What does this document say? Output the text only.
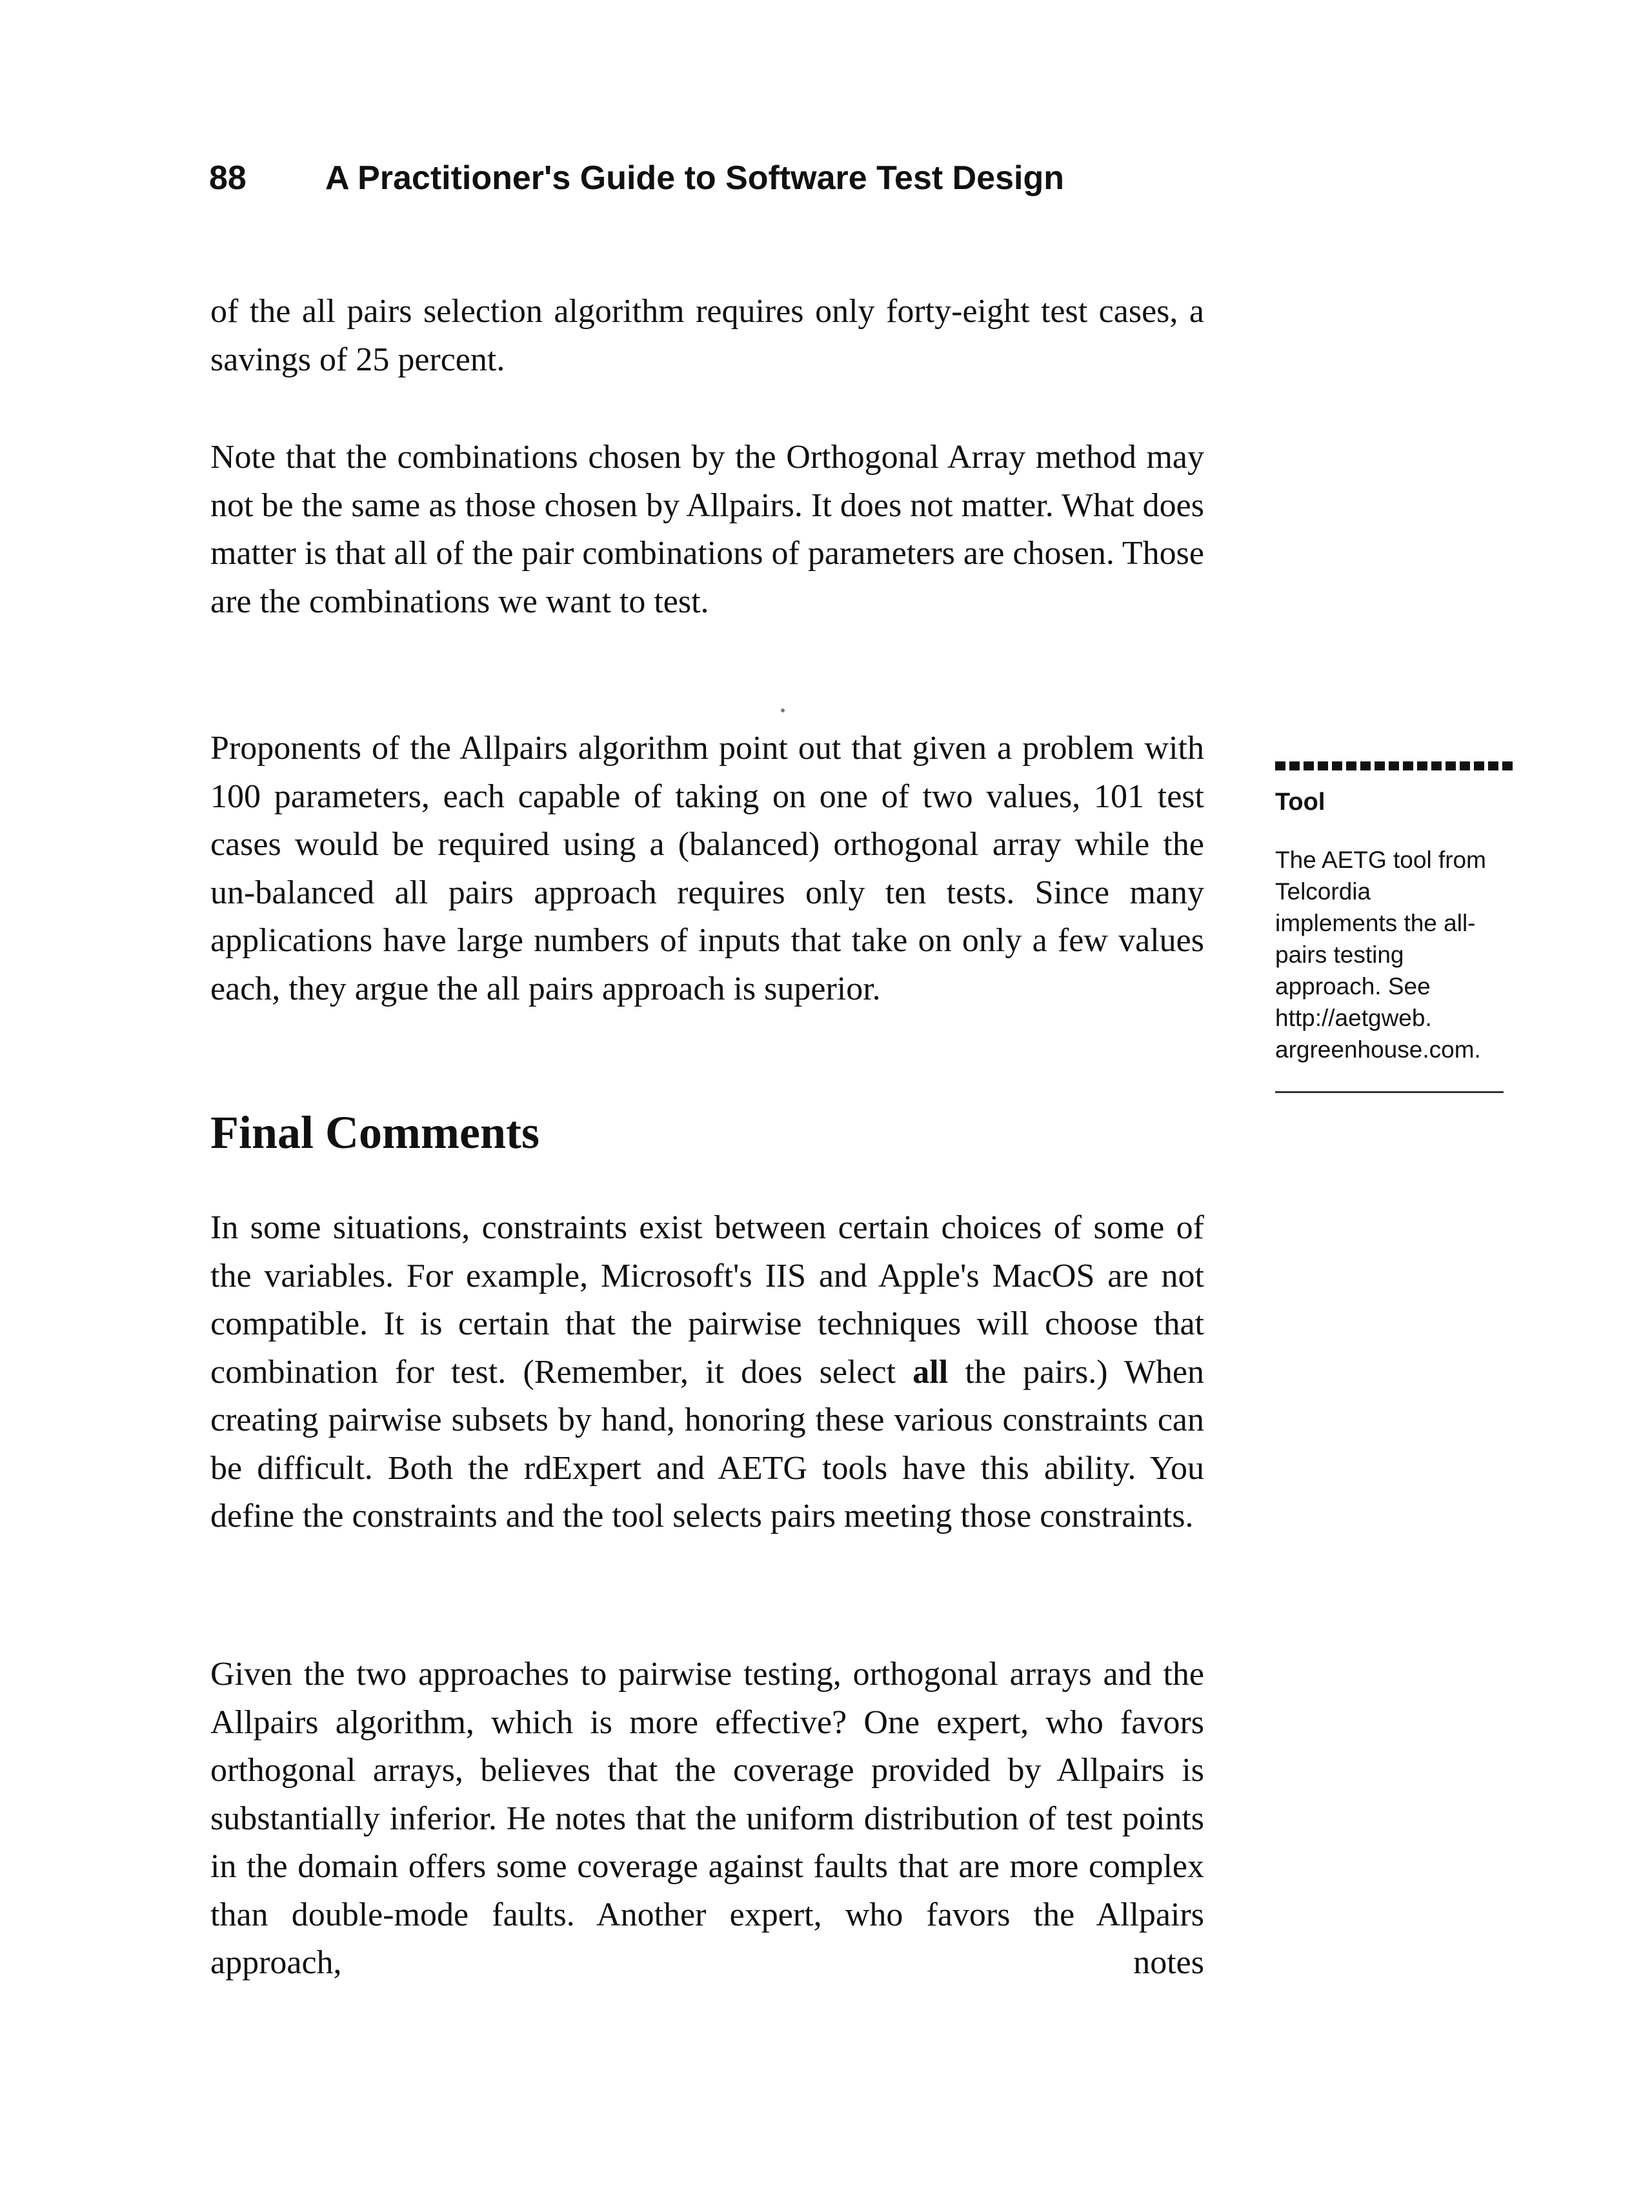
88 A Practitioner's Guide to Software Test Design

of the all pairs selection algorithm requires only forty-eight test cases, a savings of 25 percent.

Note that the combinations chosen by the Orthogonal Array method may not be the same as those chosen by Allpairs. It does not matter. What does matter is that all of the pair combinations of parameters are chosen. Those are the combinations we want to test.

Proponents of the Allpairs algorithm point out that given a problem with 100 parameters, each capable of taking on one of two values, 101 test cases would be required using a (balanced) orthogonal array while the un-balanced all pairs approach requires only ten tests. Since many applications have large numbers of inputs that take on only a few values each, they argue the all pairs approach is superior.

Final Comments

In some situations, constraints exist between certain choices of some of the variables. For example, Microsoft's IIS and Apple's MacOS are not compatible. It is certain that the pairwise techniques will choose that combination for test. (Remember, it does select all the pairs.) When creating pairwise subsets by hand, honoring these various constraints can be difficult. Both the rdExpert and AETG tools have this ability. You define the constraints and the tool selects pairs meeting those constraints.

Given the two approaches to pairwise testing, orthogonal arrays and the Allpairs algorithm, which is more effective? One expert, who favors orthogonal arrays, believes that the coverage provided by Allpairs is substantially inferior. He notes that the uniform distribution of test points in the domain offers some coverage against faults that are more complex than double-mode faults. Another expert, who favors the Allpairs approach, notes

Tool
The AETG tool from
Telcordia
implements the all-
pairs testing
approach. See
http://aetgweb.
argreenhouse.com.
